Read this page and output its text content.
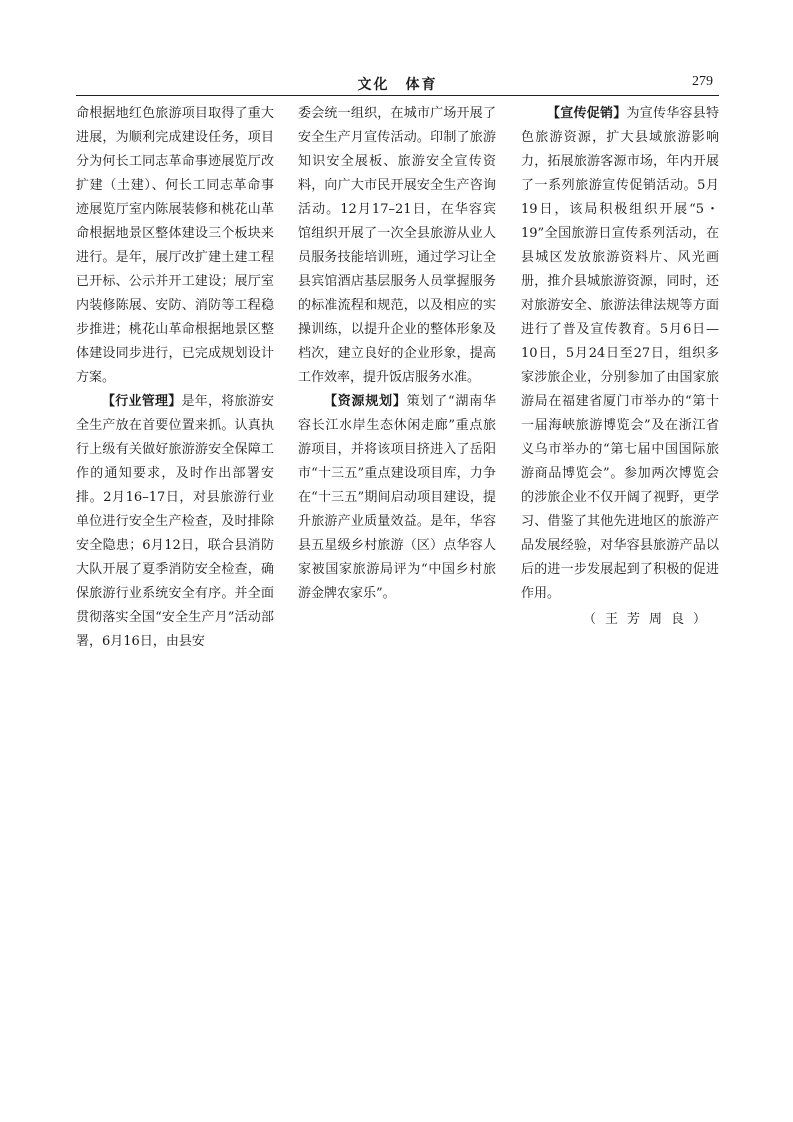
文化　体育	279

命根据地红色旅游项目取得了重大进展，为顺利完成建设任务，项目分为何长工同志革命事迹展览厅改扩建（土建）、何长工同志革命事迹展览厅室内陈展装修和桃花山革命根据地景区整体建设三个板块来进行。是年，展厅改扩建土建工程已开标、公示并开工建设；展厅室内装修陈展、安防、消防等工程稳步推进；桃花山革命根据地景区整体建设同步进行，已完成规划设计方案。

【行业管理】是年，将旅游安全生产放在首要位置来抓。认真执行上级有关做好旅游游安全保障工作的通知要求，及时作出部署安排。2月16–17日，对县旅游行业单位进行安全生产检查，及时排除安全隐患；6月12日，联合县消防大队开展了夏季消防安全检查，确保旅游行业系统安全有序。并全面贯彻落实全国“安全生产月”活动部署，6月16日，由县安

委会统一组织，在城市广场开展了安全生产月宣传活动。印制了旅游知识安全展板、旅游安全宣传资料，向广大市民开展安全生产咨询活动。12月17–21日，在华容宾馆组织开展了一次全县旅游从业人员服务技能培训班，通过学习让全县宾馆酒店基层服务人员掌握服务的标准流程和规范，以及相应的实操训练，以提升企业的整体形象及档次，建立良好的企业形象，提高工作效率，提升饭店服务水准。

【资源规划】策划了“湖南华容长江水岸生态休闲走廊”重点旅游项目，并将该项目挤进入了岳阳市“十三五”重点建设项目库，力争在“十三五”期间启动项目建设，提升旅游产业质量效益。是年，华容县五星级乡村旅游（区）点华容人家被国家旅游局评为“中国乡村旅游金牌农家乐”。

【宣传促销】为宣传华容县特色旅游资源，扩大县域旅游影响力，拓展旅游客源市场，年内开展了一系列旅游宣传促销活动。5月19日，该局积极组织开展“5・19”全国旅游日宣传系列活动，在县城区发放旅游资料片、风光画册，推介县城旅游资源，同时，还对旅游安全、旅游法律法规等方面进行了普及宣传教育。5月6日—10日，5月24日至27日，组织多家涉旅企业，分别参加了由国家旅游局在福建省厦门市举办的“第十一届海峡旅游博览会”及在浙江省义乌市举办的“第七届中国国际旅游商品博览会”。参加两次博览会的涉旅企业不仅开阔了视野，更学习、借鉴了其他先进地区的旅游产品发展经验，对华容县旅游产品以后的进一步发展起到了积极的促进作用。

（王芳周良）
